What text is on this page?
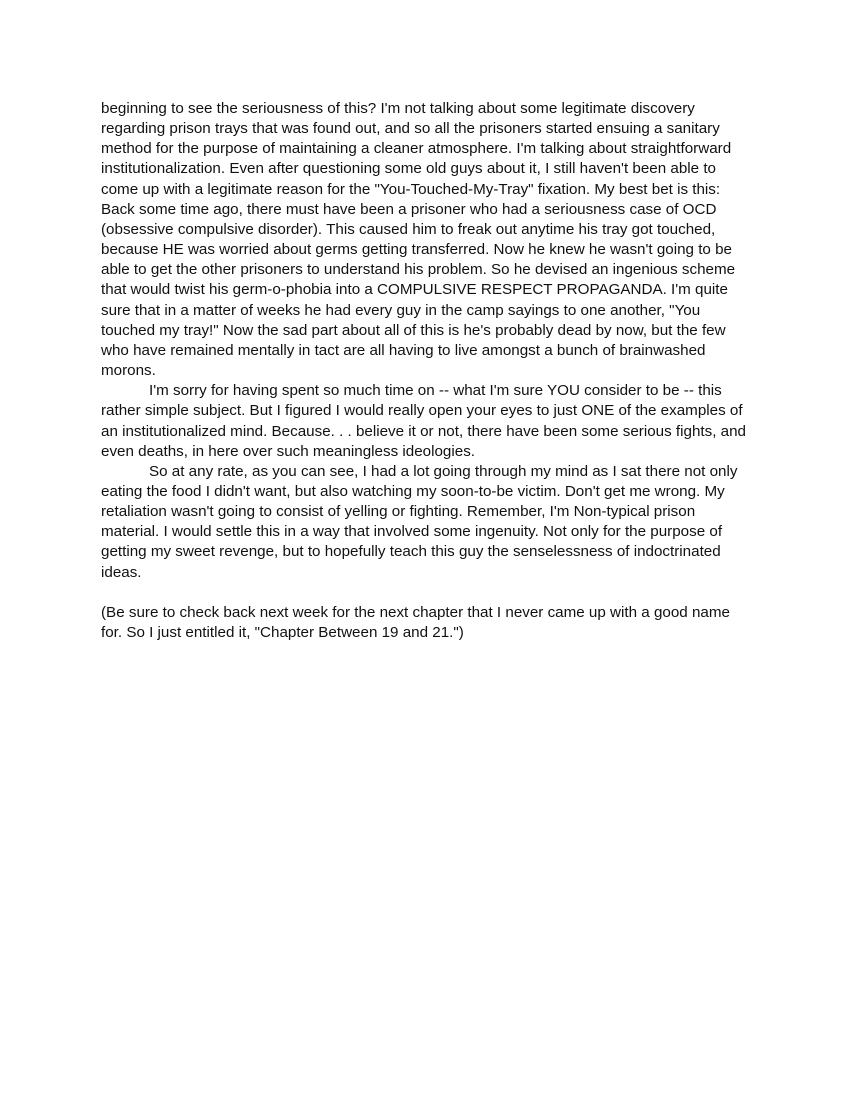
beginning to see the seriousness of this? I'm not talking about some legitimate discovery regarding prison trays that was found out, and so all the prisoners started ensuing a sanitary method for the purpose of maintaining a cleaner atmosphere. I'm talking about straightforward institutionalization. Even after questioning some old guys about it, I still haven't been able to come up with a legitimate reason for the "You-Touched-My-Tray" fixation. My best bet is this: Back some time ago, there must have been a prisoner who had a seriousness case of OCD (obsessive compulsive disorder). This caused him to freak out anytime his tray got touched, because HE was worried about germs getting transferred. Now he knew he wasn't going to be able to get the other prisoners to understand his problem. So he devised an ingenious scheme that would twist his germ-o-phobia into a COMPULSIVE RESPECT PROPAGANDA. I'm quite sure that in a matter of weeks he had every guy in the camp sayings to one another, "You touched my tray!" Now the sad part about all of this is he's probably dead by now, but the few who have remained mentally in tact are all having to live amongst a bunch of brainwashed morons.

I'm sorry for having spent so much time on -- what I'm sure YOU consider to be -- this rather simple subject. But I figured I would really open your eyes to just ONE of the examples of an institutionalized mind. Because. . . believe it or not, there have been some serious fights, and even deaths, in here over such meaningless ideologies.

So at any rate, as you can see, I had a lot going through my mind as I sat there not only eating the food I didn't want, but also watching my soon-to-be victim. Don't get me wrong. My retaliation wasn't going to consist of yelling or fighting. Remember, I'm Non-typical prison material. I would settle this in a way that involved some ingenuity. Not only for the purpose of getting my sweet revenge, but to hopefully teach this guy the senselessness of indoctrinated ideas.

(Be sure to check back next week for the next chapter that I never came up with a good name for. So I just entitled it, "Chapter Between 19 and 21.")
